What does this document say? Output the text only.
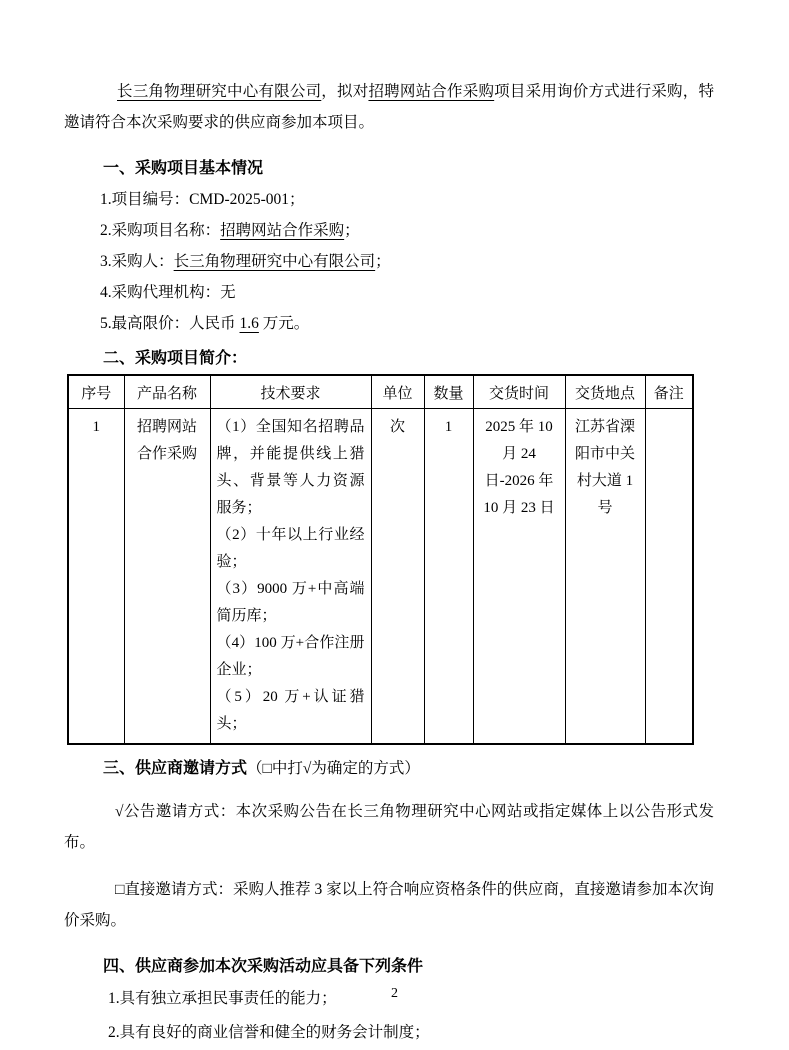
长三角物理研究中心有限公司，拟对招聘网站合作采购项目采用询价方式进行采购，特邀请符合本次采购要求的供应商参加本项目。

一、采购项目基本情况
1.项目编号：CMD-2025-001；
2.采购项目名称：招聘网站合作采购；
3.采购人：长三角物理研究中心有限公司；
4.采购代理机构：无
5.最高限价：人民币 1.6 万元。
二、采购项目简介：
序号	产品名称	技术要求	单位	数量	交货时间	交货地点	备注
1	招聘网站合作采购	（1）全国知名招聘品牌，并能提供线上猎头、背景等人力资源服务；
（2）十年以上行业经验；
（3）9000 万+中高端简历库；
（4）100 万+合作注册企业；
（5）20 万+认证猎头；	次	1	2025 年 10 月 24 日-2026 年 10 月 23 日	江苏省溧阳市中关村大道 1 号	
三、供应商邀请方式（□中打√为确定的方式）

√公告邀请方式：本次采购公告在长三角物理研究中心网站或指定媒体上以公告形式发布。

□直接邀请方式：采购人推荐 3 家以上符合响应资格条件的供应商，直接邀请参加本次询价采购。

四、供应商参加本次采购活动应具备下列条件
1.具有独立承担民事责任的能力；
2.具有良好的商业信誉和健全的财务会计制度；
2
